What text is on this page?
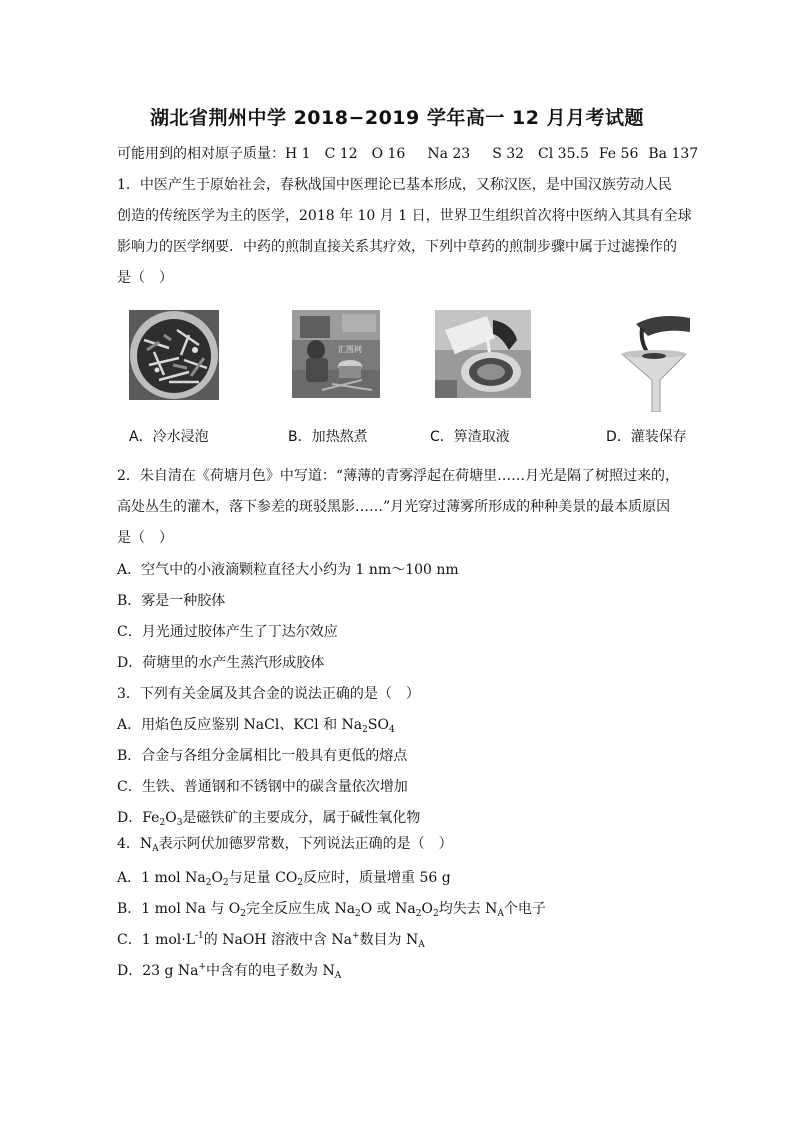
湖北省荆州中学 2018−2019 学年高一 12 月月考试题
可能用到的相对原子质量：H 1 C 12 O 16 Na 23 S 32 Cl 35.5 Fe 56 Ba 137
1．中医产生于原始社会，春秋战国中医理论已基本形成，又称汉医，是中国汉族劳动人民
创造的传统医学为主的医学，2018 年 10 月 1 日，世界卫生组织首次将中医纳入其具有全球
影响力的医学纲要．中药的煎制直接关系其疗效，下列中草药的煎制步骤中属于过滤操作的
是（　）
汇图网
A．冷水浸泡	B．加热熬煮	C．箅渣取液	D．灌装保存
2．朱自清在《荷塘月色》中写道：“薄薄的青雾浮起在荷塘里……月光是隔了树照过来的，
高处丛生的灌木，落下参差的斑驳黑影……”月光穿过薄雾所形成的种种美景的最本质原因
是（　）
A．空气中的小液滴颗粒直径大小约为 1 nm～100 nm
B．雾是一种胶体
C．月光通过胶体产生了丁达尔效应
D．荷塘里的水产生蒸汽形成胶体
3．下列有关金属及其合金的说法正确的是（　）
A．用焰色反应鉴别 NaCl、KCl 和 $Na_2SO_4$
B．合金与各组分金属相比一般具有更低的熔点
C．生铁、普通钢和不锈钢中的碳含量依次增加
D．$Fe_2O_3$是磁铁矿的主要成分，属于碱性氧化物
4．$N_A$表示阿伏加德罗常数，下列说法正确的是（　）
A．1 mol $Na_2O_2$与足量 $CO_2$反应时，质量增重 56 g
B．1 mol Na 与 $O_2$完全反应生成 $Na_2O$ 或 $Na_2O_2$均失去 $N_A$个电子
C．1 $mol\cdot L^{-1}$的 NaOH 溶液中含 Na+数目为 $N_A$
D．23 g Na+中含有的电子数为 $N_A$
